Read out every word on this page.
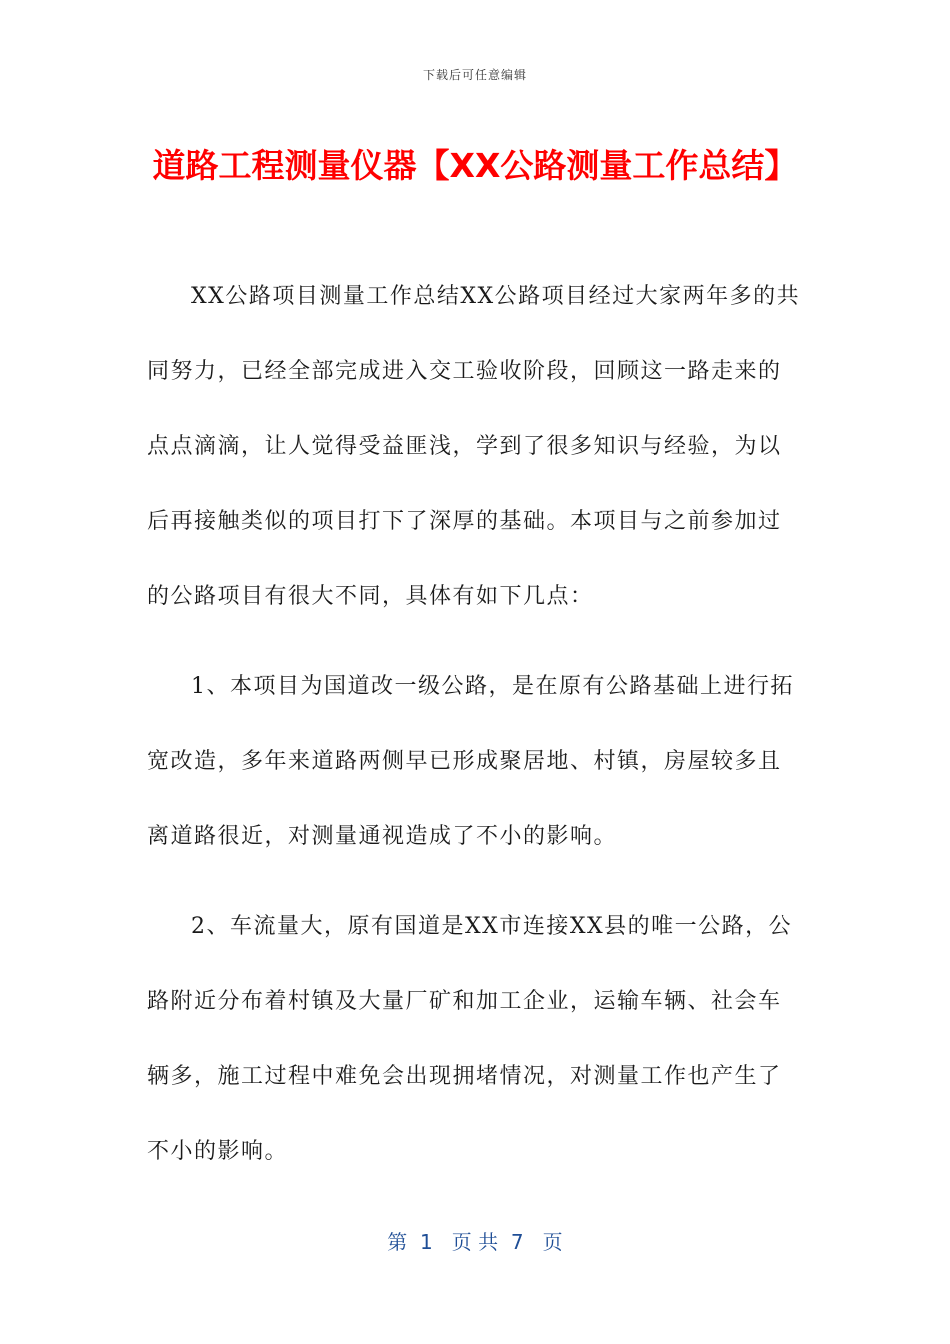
下载后可任意编辑
道路工程测量仪器【XX公路测量工作总结】
XX公路项目测量工作总结XX公路项目经过大家两年多的共
同努力，已经全部完成进入交工验收阶段，回顾这一路走来的
点点滴滴，让人觉得受益匪浅，学到了很多知识与经验，为以
后再接触类似的项目打下了深厚的基础。本项目与之前参加过
的公路项目有很大不同，具体有如下几点：
1、本项目为国道改一级公路，是在原有公路基础上进行拓
宽改造，多年来道路两侧早已形成聚居地、村镇，房屋较多且
离道路很近，对测量通视造成了不小的影响。
2、车流量大，原有国道是XX市连接XX县的唯一公路，公
路附近分布着村镇及大量厂矿和加工企业，运输车辆、社会车
辆多，施工过程中难免会出现拥堵情况，对测量工作也产生了
不小的影响。
第  1   页 共  7   页
